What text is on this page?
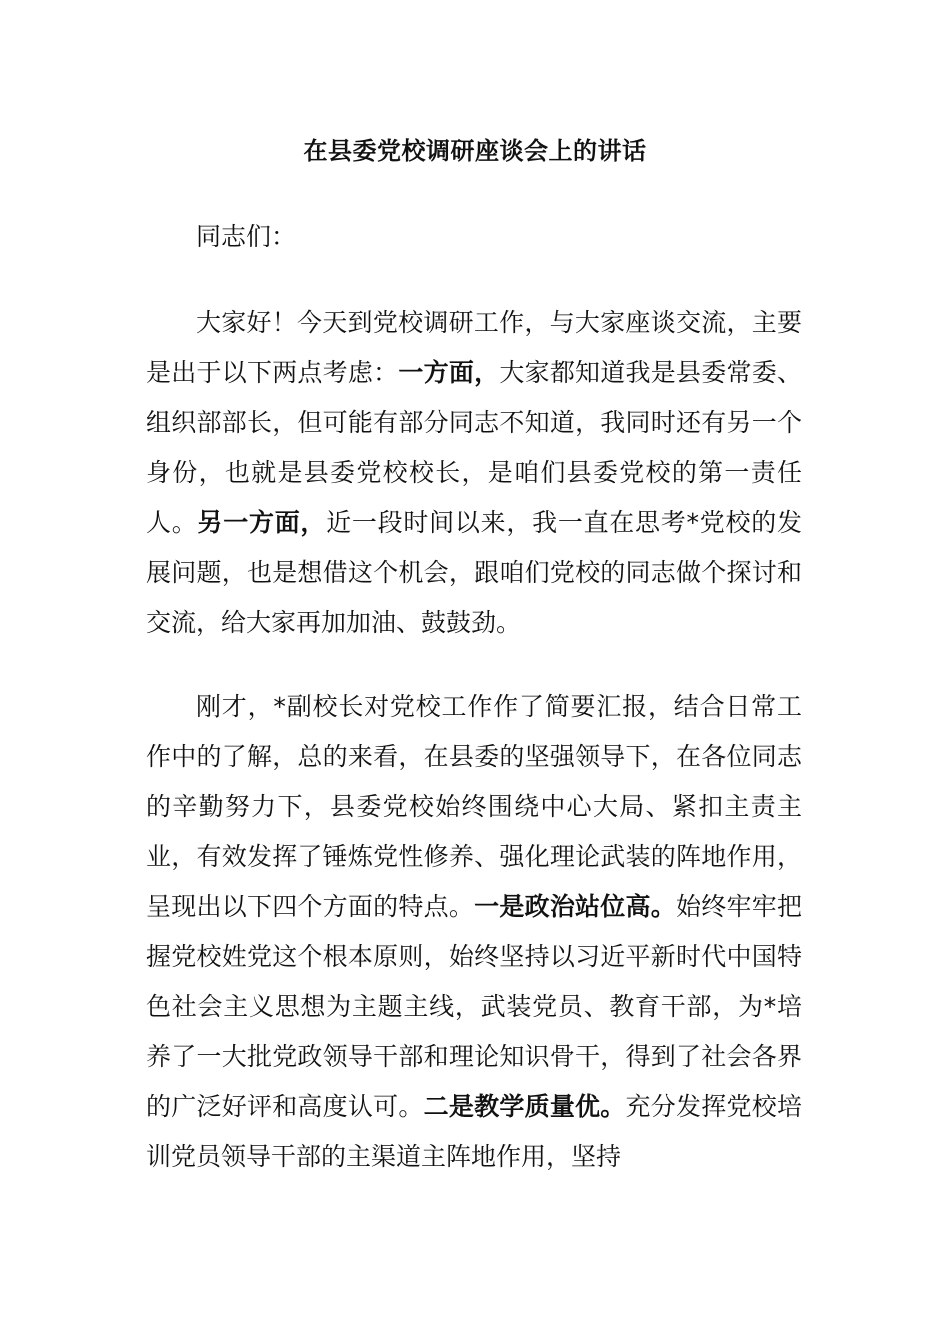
在县委党校调研座谈会上的讲话

同志们：

大家好！今天到党校调研工作，与大家座谈交流，主要是出于以下两点考虑：一方面，大家都知道我是县委常委、组织部部长，但可能有部分同志不知道，我同时还有另一个身份，也就是县委党校校长，是咱们县委党校的第一责任人。另一方面，近一段时间以来，我一直在思考*党校的发展问题，也是想借这个机会，跟咱们党校的同志做个探讨和交流，给大家再加加油、鼓鼓劲。

刚才，*副校长对党校工作作了简要汇报，结合日常工作中的了解，总的来看，在县委的坚强领导下，在各位同志的辛勤努力下，县委党校始终围绕中心大局、紧扣主责主业，有效发挥了锤炼党性修养、强化理论武装的阵地作用，呈现出以下四个方面的特点。一是政治站位高。始终牢牢把握党校姓党这个根本原则，始终坚持以习近平新时代中国特色社会主义思想为主题主线，武装党员、教育干部，为*培养了一大批党政领导干部和理论知识骨干，得到了社会各界的广泛好评和高度认可。二是教学质量优。充分发挥党校培训党员领导干部的主渠道主阵地作用，坚持
